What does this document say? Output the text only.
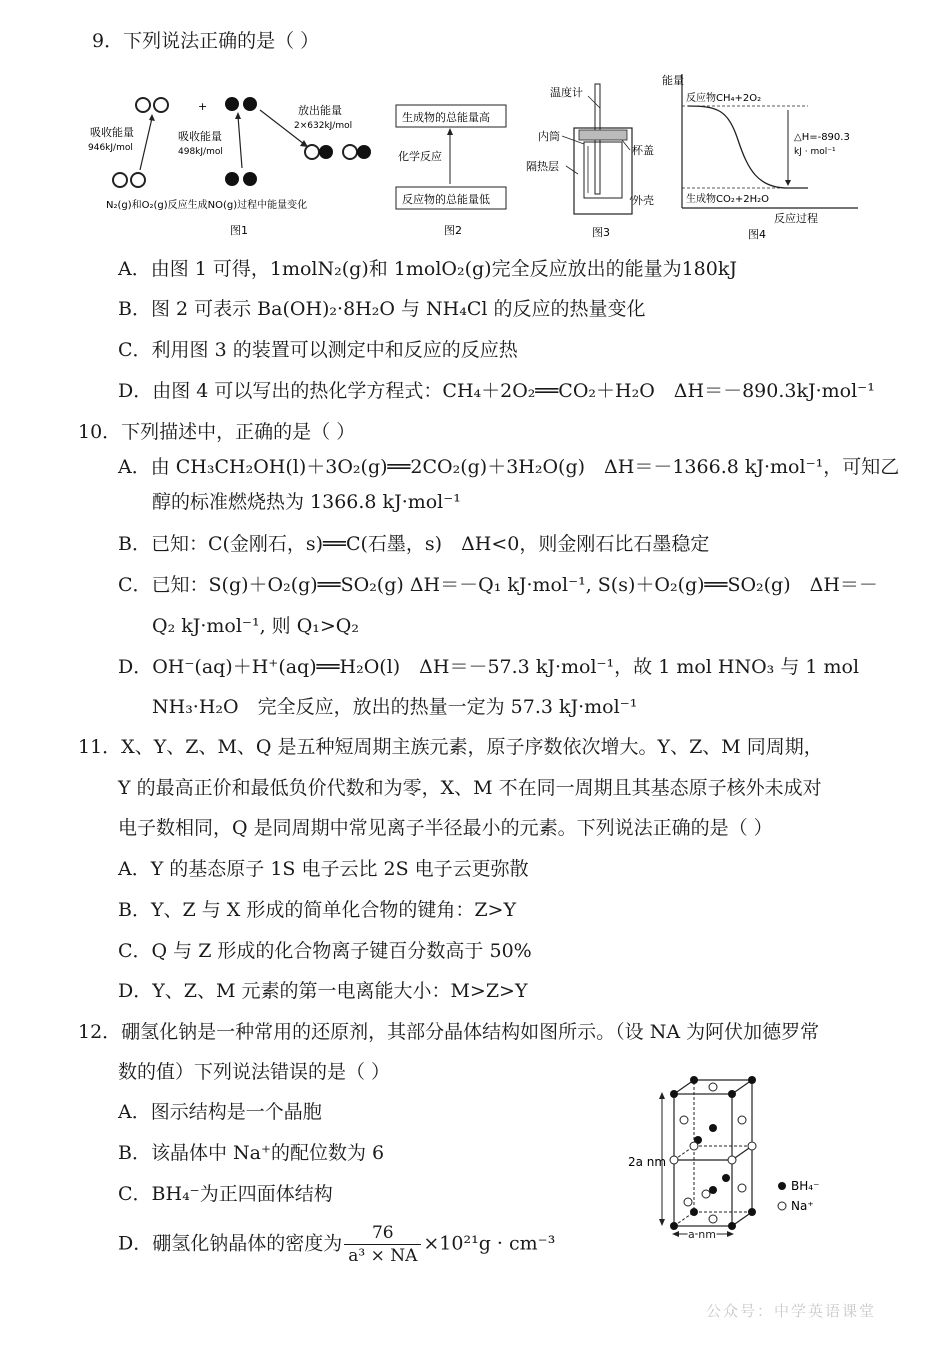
9．下列说法正确的是（ ）
+
吸收能量
946kJ/mol
吸收能量
498kJ/mol
放出能量
2×632kJ/mol
N₂(g)和O₂(g)反应生成NO(g)过程中能量变化
图1
生成物的总能量高
化学反应
反应物的总能量低
图2
温度计
内筒
隔热层
杯盖
外壳
图3
能量
反应物CH₄+2O₂
生成物CO₂+2H₂O
△H=-890.3
kJ · mol⁻¹
反应过程
图4
A．由图 1 可得，1molN₂(g)和 1molO₂(g)完全反应放出的能量为180kJ
B．图 2 可表示 Ba(OH)₂·8H₂O 与 NH₄Cl 的反应的热量变化
C．利用图 3 的装置可以测定中和反应的反应热
D．由图 4 可以写出的热化学方程式：CH₄＋2O₂══CO₂＋H₂O　ΔH＝－890.3kJ·mol⁻¹
10．下列描述中，正确的是（ ）
A．由 CH₃CH₂OH(l)＋3O₂(g)══2CO₂(g)＋3H₂O(g)　ΔH＝－1366.8 kJ·mol⁻¹，可知乙
醇的标准燃烧热为 1366.8 kJ·mol⁻¹
B．已知：C(金刚石，s)══C(石墨，s)　ΔH<0，则金刚石比石墨稳定
C．已知：S(g)＋O₂(g)══SO₂(g) ΔH＝－Q₁ kJ·mol⁻¹, S(s)＋O₂(g)══SO₂(g)　ΔH＝－
Q₂ kJ·mol⁻¹, 则 Q₁>Q₂
D．OH⁻(aq)＋H⁺(aq)══H₂O(l)　ΔH＝－57.3 kJ·mol⁻¹，故 1 mol HNO₃ 与 1 mol
NH₃·H₂O　完全反应，放出的热量一定为 57.3 kJ·mol⁻¹
11．X、Y、Z、M、Q 是五种短周期主族元素，原子序数依次增大。Y、Z、M 同周期，
Y 的最高正价和最低负价代数和为零，X、M 不在同一周期且其基态原子核外未成对
电子数相同，Q 是同周期中常见离子半径最小的元素。下列说法正确的是（ ）
A．Y 的基态原子 1S 电子云比 2S 电子云更弥散
B．Y、Z 与 X 形成的简单化合物的键角：Z>Y
C．Q 与 Z 形成的化合物离子键百分数高于 50%
D．Y、Z、M 元素的第一电离能大小：M>Z>Y
12．硼氢化钠是一种常用的还原剂，其部分晶体结构如图所示。（设 NA 为阿伏加德罗常
数的值）下列说法错误的是（ ）
A．图示结构是一个晶胞
B．该晶体中 Na⁺的配位数为 6
C．BH₄⁻为正四面体结构
D．硼氢化钠晶体的密度为 $\frac{76}{\text{a³ × NA}} \times 10^{21}g \cdot cm^{-3}$
2a nm
a nm
BH₄⁻
Na⁺
公众号：中学英语课堂
